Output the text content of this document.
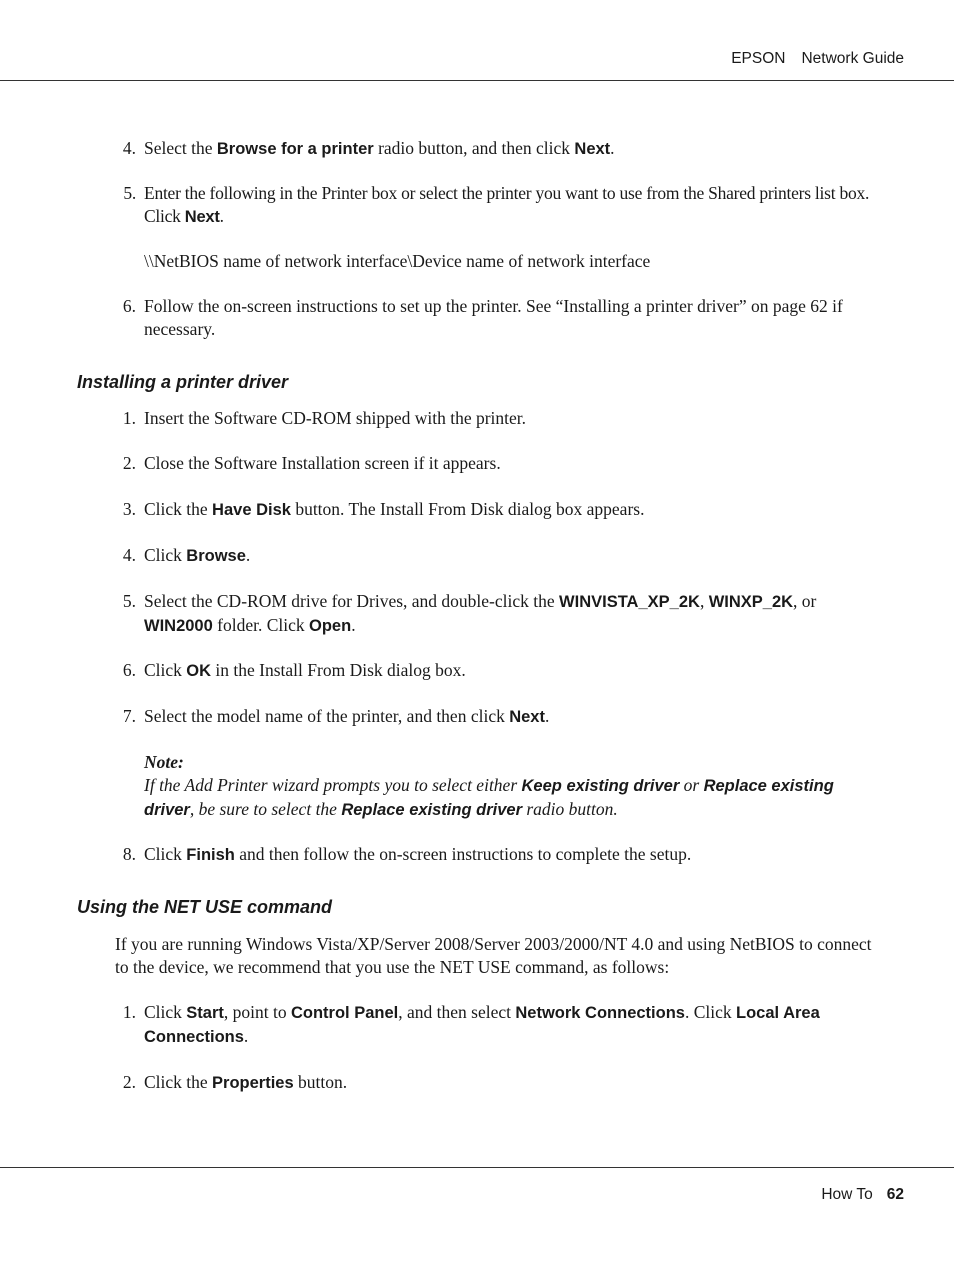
EPSON Network Guide
4. Select the Browse for a printer radio button, and then click Next.
5. Enter the following in the Printer box or select the printer you want to use from the Shared printers list box. Click Next.
\\NetBIOS name of network interface\Device name of network interface
6. Follow the on-screen instructions to set up the printer. See “Installing a printer driver” on page 62 if necessary.
Installing a printer driver
1. Insert the Software CD-ROM shipped with the printer.
2. Close the Software Installation screen if it appears.
3. Click the Have Disk button. The Install From Disk dialog box appears.
4. Click Browse.
5. Select the CD-ROM drive for Drives, and double-click the WINVISTA_XP_2K, WINXP_2K, or WIN2000 folder. Click Open.
6. Click OK in the Install From Disk dialog box.
7. Select the model name of the printer, and then click Next.
Note:
If the Add Printer wizard prompts you to select either Keep existing driver or Replace existing driver, be sure to select the Replace existing driver radio button.
8. Click Finish and then follow the on-screen instructions to complete the setup.
Using the NET USE command
If you are running Windows Vista/XP/Server 2008/Server 2003/2000/NT 4.0 and using NetBIOS to connect to the device, we recommend that you use the NET USE command, as follows:
1. Click Start, point to Control Panel, and then select Network Connections. Click Local Area Connections.
2. Click the Properties button.
How To 62
